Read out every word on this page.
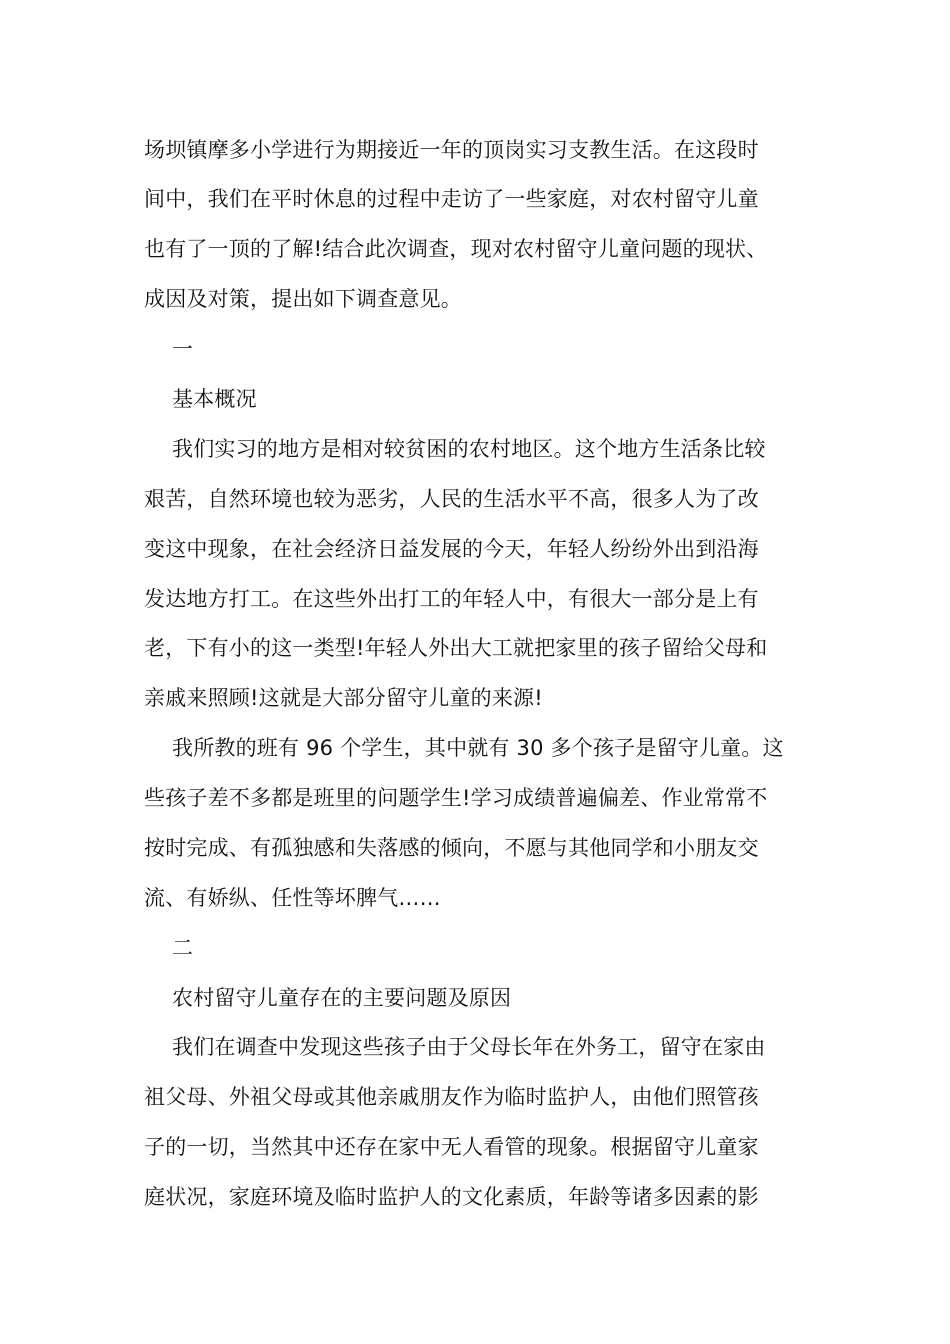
场坝镇摩多小学进行为期接近一年的顶岗实习支教生活。在这段时
间中，我们在平时休息的过程中走访了一些家庭，对农村留守儿童
也有了一顶的了解!结合此次调查，现对农村留守儿童问题的现状、
成因及对策，提出如下调查意见。
一
基本概况
我们实习的地方是相对较贫困的农村地区。这个地方生活条比较
艰苦，自然环境也较为恶劣，人民的生活水平不高，很多人为了改
变这中现象，在社会经济日益发展的今天，年轻人纷纷外出到沿海
发达地方打工。在这些外出打工的年轻人中，有很大一部分是上有
老，下有小的这一类型!年轻人外出大工就把家里的孩子留给父母和
亲戚来照顾!这就是大部分留守儿童的来源!
我所教的班有 96 个学生，其中就有 30 多个孩子是留守儿童。这
些孩子差不多都是班里的问题学生!学习成绩普遍偏差、作业常常不
按时完成、有孤独感和失落感的倾向，不愿与其他同学和小朋友交
流、有娇纵、任性等坏脾气……
二
农村留守儿童存在的主要问题及原因
我们在调查中发现这些孩子由于父母长年在外务工，留守在家由
祖父母、外祖父母或其他亲戚朋友作为临时监护人，由他们照管孩
子的一切，当然其中还存在家中无人看管的现象。根据留守儿童家
庭状况，家庭环境及临时监护人的文化素质，年龄等诸多因素的影
